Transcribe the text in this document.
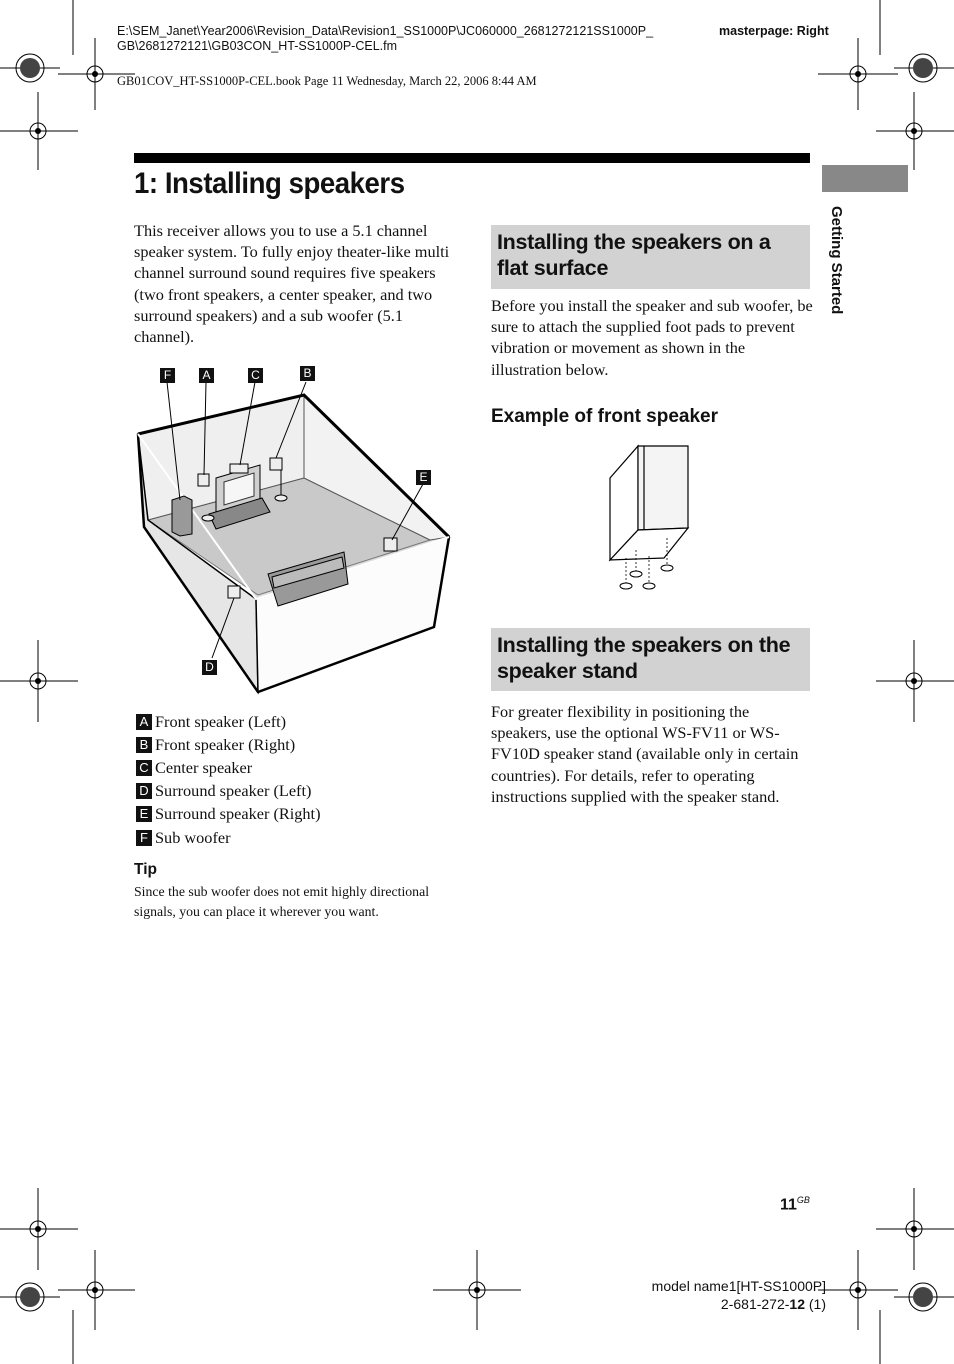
E:\SEM_Janet\Year2006\Revision_Data\Revision1_SS1000P\JC060000_2681272121SS1000P_
GB\2681272121\GB03CON_HT-SS1000P-CEL.fm
masterpage: Right
GB01COV_HT-SS1000P-CEL.book Page 11 Wednesday, March 22, 2006 8:44 AM
1: Installing speakers
Getting Started
This receiver allows you to use a 5.1 channel speaker system. To fully enjoy theater-like multi channel surround sound requires five speakers (two front speakers, a center speaker, and two surround speakers) and a sub woofer (5.1 channel).
F	A	C	B
E
D
A Front speaker (Left)
B Front speaker (Right)
C Center speaker
D Surround speaker (Left)
E Surround speaker (Right)
F Sub woofer
Tip
Since the sub woofer does not emit highly directional signals, you can place it wherever you want.
Installing the speakers on a flat surface
Before you install the speaker and sub woofer, be sure to attach the supplied foot pads to prevent vibration or movement as shown in the illustration below.
Example of front speaker
Installing the speakers on the speaker stand
For greater flexibility in positioning the speakers, use the optional WS-FV11 or WS-FV10D speaker stand (available only in certain countries). For details, refer to operating instructions supplied with the speaker stand.
$11^{GB}$
model name1[HT-SS1000P]
2-681-272-12 (1)
